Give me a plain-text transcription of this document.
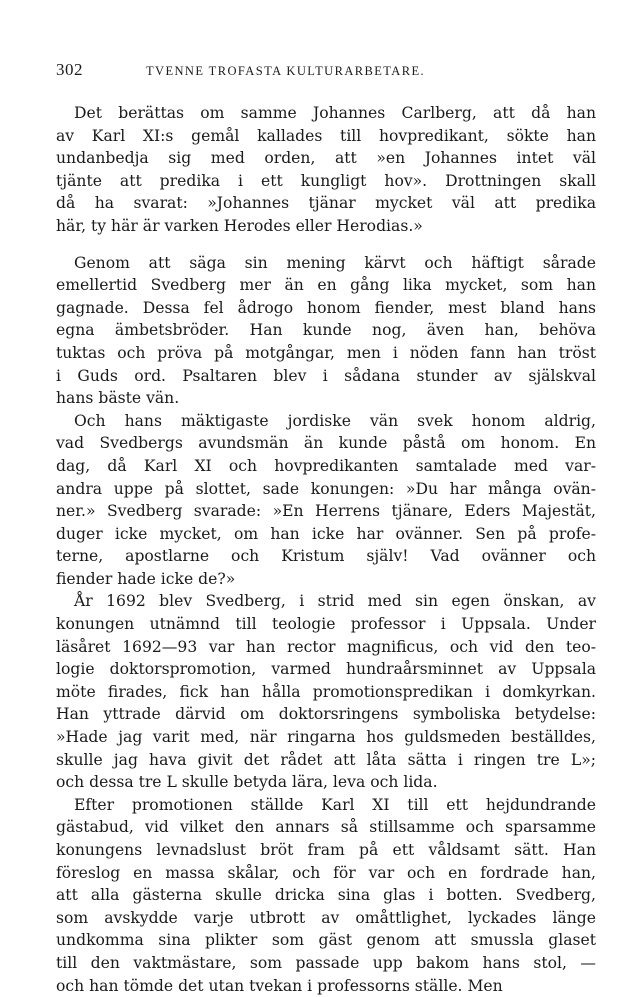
302	TVENNE TROFASTA KULTURARBETARE.
Det berättas om samme Johannes Carlberg, att då han
av Karl XI:s gemål kallades till hovpredikant, sökte han
undanbedja sig med orden, att »en Johannes intet väl
tjänte att predika i ett kungligt hov». Drottningen skall
då ha svarat: »Johannes tjänar mycket väl att predika
här, ty här är varken Herodes eller Herodias.»
Genom att säga sin mening kärvt och häftigt sårade
emellertid Svedberg mer än en gång lika mycket, som han
gagnade. Dessa fel ådrogo honom fiender, mest bland hans
egna ämbetsbröder. Han kunde nog, även han, behöva
tuktas och pröva på motgångar, men i nöden fann han tröst
i Guds ord. Psaltaren blev i sådana stunder av själskval
hans bäste vän.
Och hans mäktigaste jordiske vän svek honom aldrig,
vad Svedbergs avundsmän än kunde påstå om honom. En
dag, då Karl XI och hovpredikanten samtalade med var-
andra uppe på slottet, sade konungen: »Du har många ovän-
ner.» Svedberg svarade: »En Herrens tjänare, Eders Majestät,
duger icke mycket, om han icke har ovänner. Sen på profe-
terne, apostlarne och Kristum själv! Vad ovänner och
fiender hade icke de?»
År 1692 blev Svedberg, i strid med sin egen önskan, av
konungen utnämnd till teologie professor i Uppsala. Under
läsåret 1692—93 var han rector magnificus, och vid den teo-
logie doktorspromotion, varmed hundraårsminnet av Uppsala
möte firades, fick han hålla promotionspredikan i domkyrkan.
Han yttrade därvid om doktorsringens symboliska betydelse:
»Hade jag varit med, när ringarna hos guldsmeden beställdes,
skulle jag hava givit det rådet att låta sätta i ringen tre L»;
och dessa tre L skulle betyda lära, leva och lida.
Efter promotionen ställde Karl XI till ett hejdundrande
gästabud, vid vilket den annars så stillsamme och sparsamme
konungens levnadslust bröt fram på ett våldsamt sätt. Han
föreslog en massa skålar, och för var och en fordrade han,
att alla gästerna skulle dricka sina glas i botten. Svedberg,
som avskydde varje utbrott av omåttlighet, lyckades länge
undkomma sina plikter som gäst genom att smussla glaset
till den vaktmästare, som passade upp bakom hans stol, —
och han tömde det utan tvekan i professorns ställe. Men
